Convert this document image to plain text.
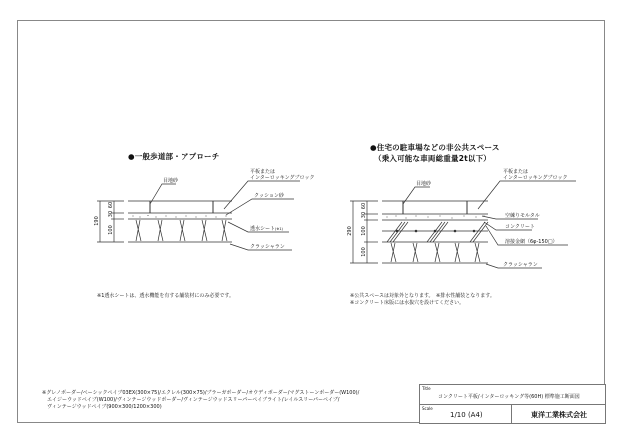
●一般歩道部・アプローチ
目地砂
平板または
インターロッキングブロック
クッション砂
透水シート(※1)
クラッシャラン
190
60
30
100
※1透水シートは、透水機能を有する舗装材にのみ必要です。
●住宅の駐車場などの非公共スペース
（乗入可能な車両総重量2t以下）
目地砂
平板または
インターロッキングブロック
空練りモルタル
コンクリート
溶接金網（6φ-150□）
クラッシャラン
290
60
30
100
100
※公共スペースは対象外となります。　※排水性舗装となります。
※コンクリート床版には水抜穴を設けてください。
※グレノボーダー/ベーシックペイブ03EX(300×75)/エクレル(300×75)/ブラーガボーダー/オウディボーダー/マグストーンボーダー(W100)/
　エイジーウッドペイブ(W100)/ヴィンテージウッドボーダー/ヴィンテージウッドスリーパーペイブライト/レイルスリーパーペイブ/
　ヴィンテージウッドペイブ(900×300/1200×300)
Title
コンクリート平板/インターロッキング等(60H) 標準施工断面図
Scale
1/10 (A4)	東洋工業株式会社
